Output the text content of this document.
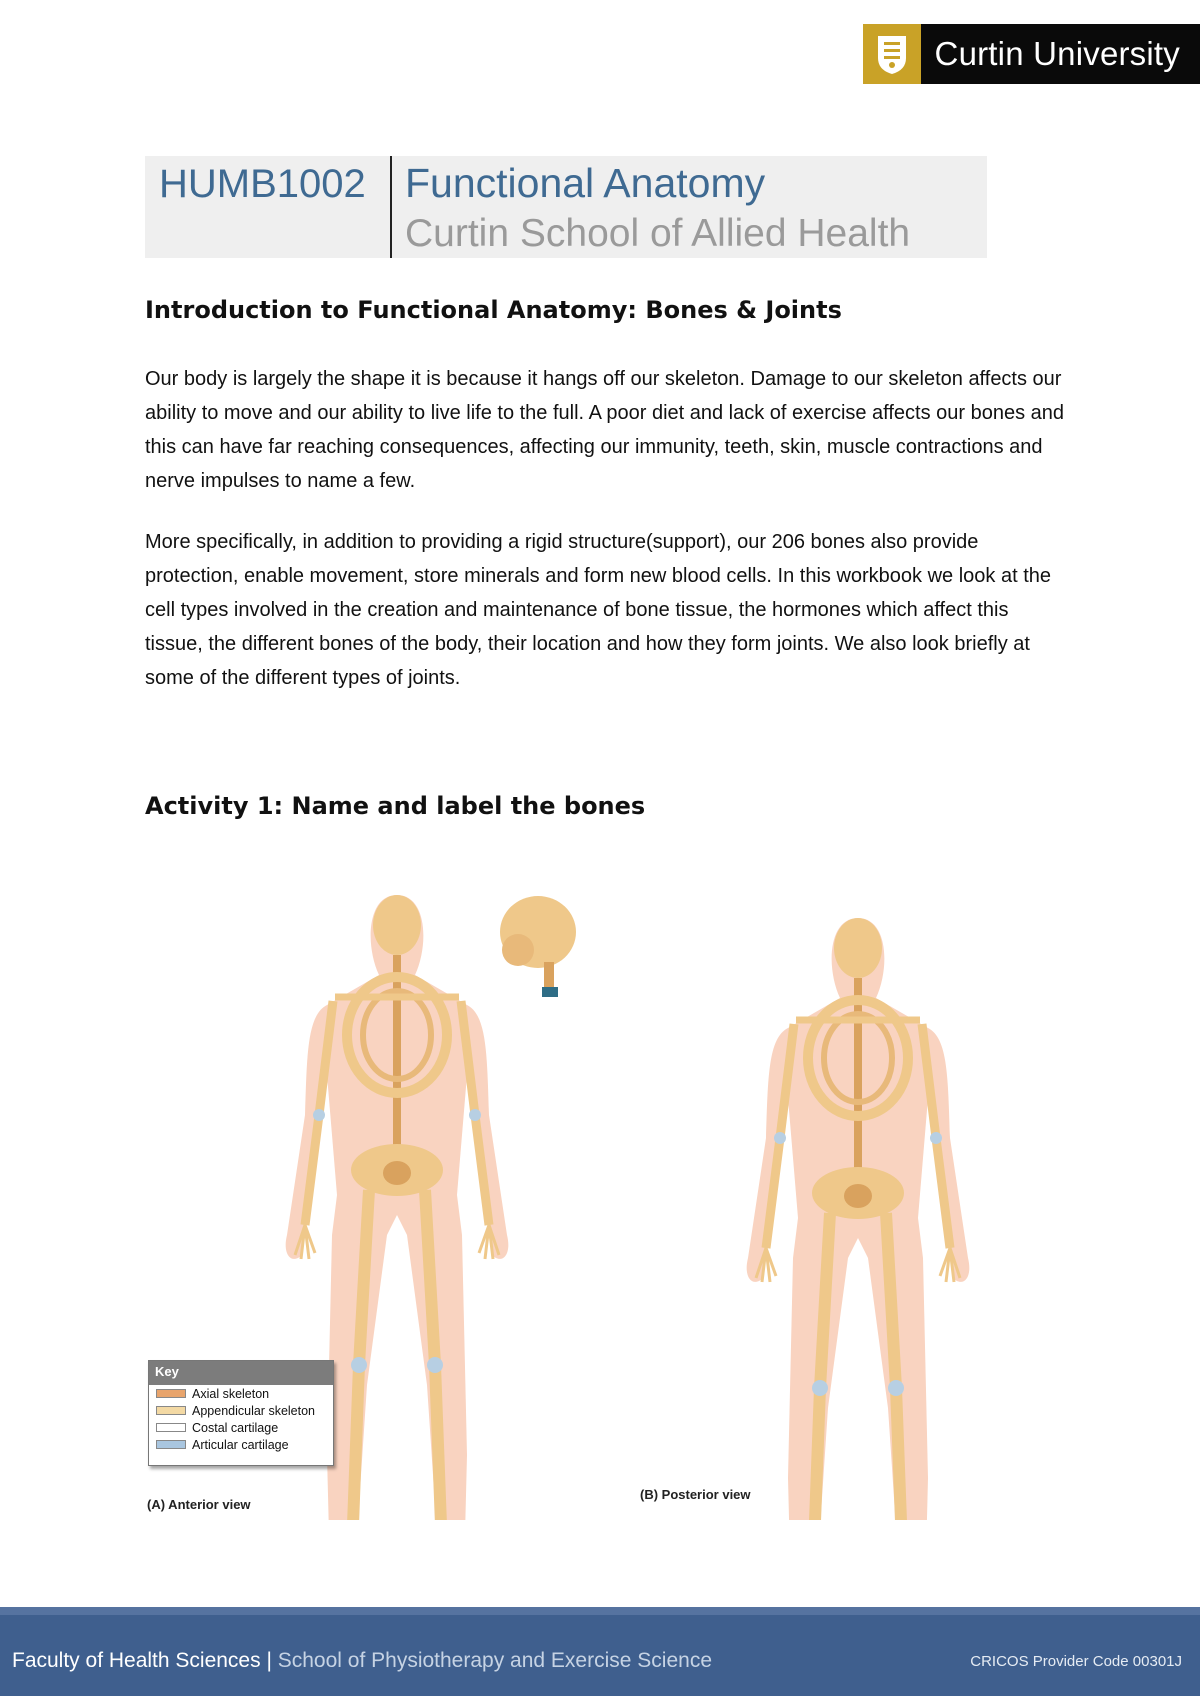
Curtin University
HUMB1002 Functional Anatomy
Curtin School of Allied Health
Introduction to Functional Anatomy: Bones & Joints

Our body is largely the shape it is because it hangs off our skeleton. Damage to our skeleton affects our ability to move and our ability to live life to the full. A poor diet and lack of exercise affects our bones and this can have far reaching consequences, affecting our immunity, teeth, skin, muscle contractions and nerve impulses to name a few.

More specifically, in addition to providing a rigid structure(support), our 206 bones also provide protection, enable movement, store minerals and form new blood cells. In this workbook we look at the cell types involved in the creation and maintenance of bone tissue, the hormones which affect this tissue, the different bones of the body, their location and how they form joints. We also look briefly at some of the different types of joints.

Activity 1: Name and label the bones
Key
Axial skeleton
Appendicular skeleton
Costal cartilage
Articular cartilage
(A) Anterior view
(B) Posterior view
Faculty of Health Sciences | School of Physiotherapy and Exercise Science	CRICOS Provider Code 00301J
